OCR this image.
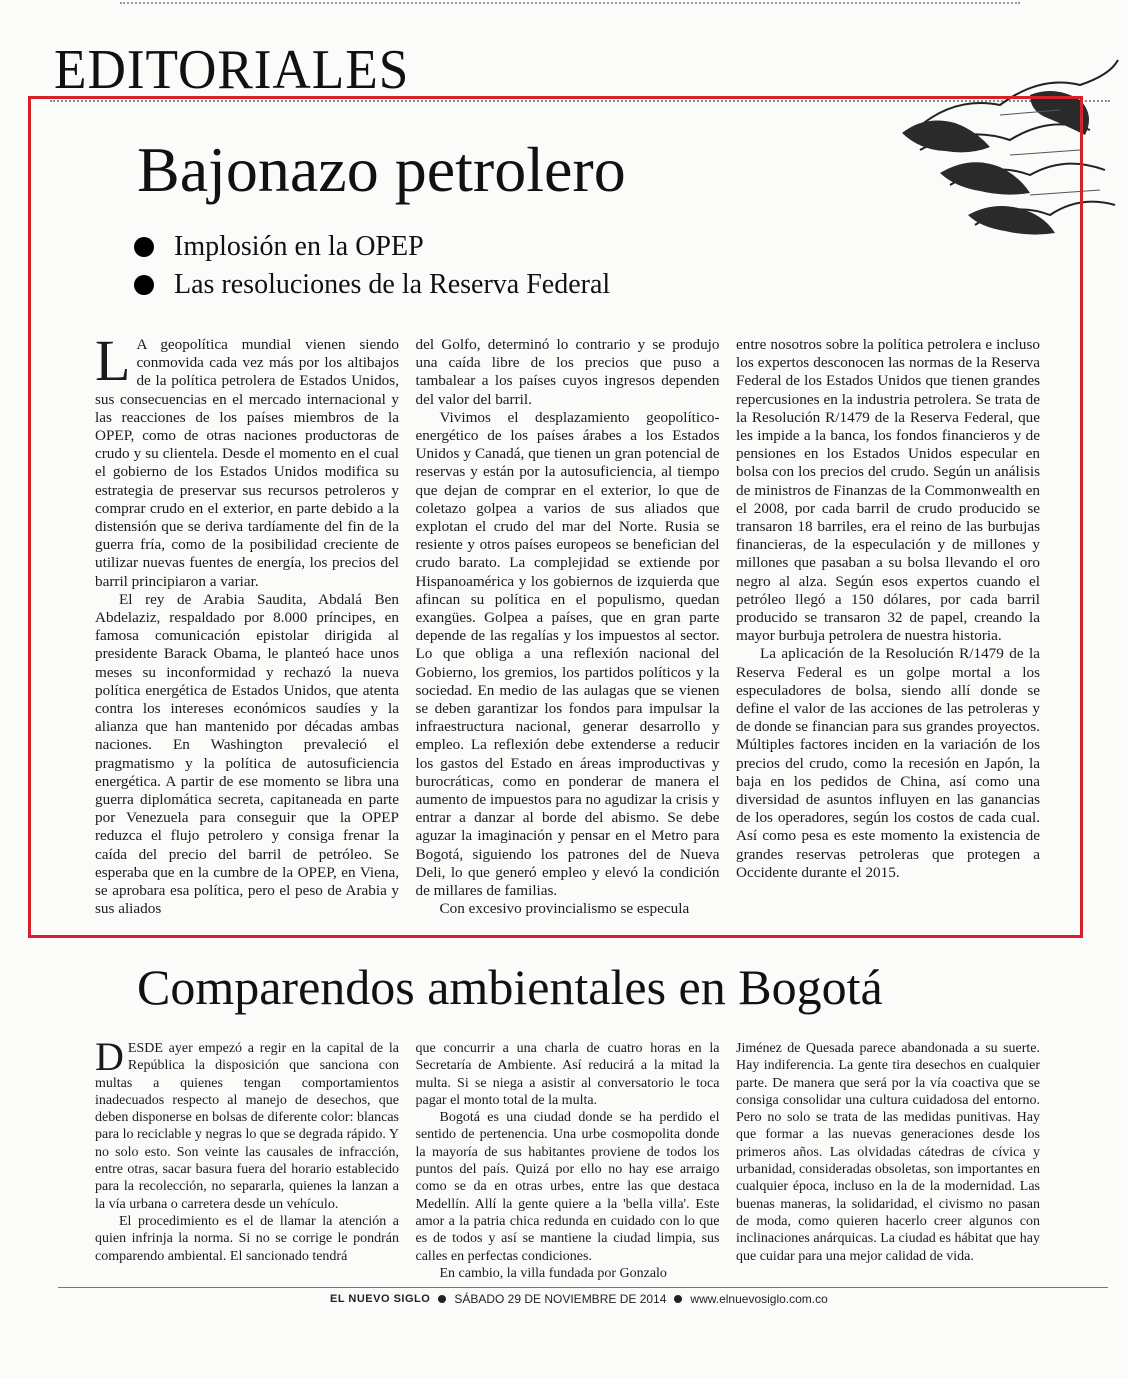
EDITORIALES
Bajonazo petrolero
Implosión en la OPEP
Las resoluciones de la Reserva Federal

L A geopolítica mundial vienen siendo conmovida cada vez más por los altibajos de la política petrolera de Estados Unidos, sus consecuencias en el mercado internacional y las reacciones de los países miembros de la OPEP, como de otras naciones productoras de crudo y su clientela. Desde el momento en el cual el gobierno de los Estados Unidos modifica su estrategia de preservar sus recursos petroleros y comprar crudo en el exterior, en parte debido a la distensión que se deriva tardíamente del fin de la guerra fría, como de la posibilidad creciente de utilizar nuevas fuentes de energía, los precios del barril principiaron a variar.

El rey de Arabia Saudita, Abdalá Ben Abdelaziz, respaldado por 8.000 príncipes, en famosa comunicación epistolar dirigida al presidente Barack Obama, le planteó hace unos meses su inconformidad y rechazó la nueva política energética de Estados Unidos, que atenta contra los intereses económicos saudíes y la alianza que han mantenido por décadas ambas naciones. En Washington prevaleció el pragmatismo y la política de autosuficiencia energética. A partir de ese momento se libra una guerra diplomática secreta, capitaneada en parte por Venezuela para conseguir que la OPEP reduzca el flujo petrolero y consiga frenar la caída del precio del barril de petróleo. Se esperaba que en la cumbre de la OPEP, en Viena, se aprobara esa política, pero el peso de Arabia y sus aliados

del Golfo, determinó lo contrario y se produjo una caída libre de los precios que puso a tambalear a los países cuyos ingresos dependen del valor del barril.

Vivimos el desplazamiento geopolítico-energético de los países árabes a los Estados Unidos y Canadá, que tienen un gran potencial de reservas y están por la autosuficiencia, al tiempo que dejan de comprar en el exterior, lo que de coletazo golpea a varios de sus aliados que explotan el crudo del mar del Norte. Rusia se resiente y otros países europeos se benefician del crudo barato. La complejidad se extiende por Hispanoamérica y los gobiernos de izquierda que afincan su política en el populismo, quedan exangües. Golpea a países, que en gran parte depende de las regalías y los impuestos al sector. Lo que obliga a una reflexión nacional del Gobierno, los gremios, los partidos políticos y la sociedad. En medio de las aulagas que se vienen se deben garantizar los fondos para impulsar la infraestructura nacional, generar desarrollo y empleo. La reflexión debe extenderse a reducir los gastos del Estado en áreas improductivas y burocráticas, como en ponderar de manera el aumento de impuestos para no agudizar la crisis y entrar a danzar al borde del abismo. Se debe aguzar la imaginación y pensar en el Metro para Bogotá, siguiendo los patrones del de Nueva Deli, lo que generó empleo y elevó la condición de millares de familias.

Con excesivo provincialismo se especula

entre nosotros sobre la política petrolera e incluso los expertos desconocen las normas de la Reserva Federal de los Estados Unidos que tienen grandes repercusiones en la industria petrolera. Se trata de la Resolución R/1479 de la Reserva Federal, que les impide a la banca, los fondos financieros y de pensiones en los Estados Unidos especular en bolsa con los precios del crudo. Según un análisis de ministros de Finanzas de la Commonwealth en el 2008, por cada barril de crudo producido se transaron 18 barriles, era el reino de las burbujas financieras, de la especulación y de millones y millones que pasaban a su bolsa llevando el oro negro al alza. Según esos expertos cuando el petróleo llegó a 150 dólares, por cada barril producido se transaron 32 de papel, creando la mayor burbuja petrolera de nuestra historia.

La aplicación de la Resolución R/1479 de la Reserva Federal es un golpe mortal a los especuladores de bolsa, siendo allí donde se define el valor de las acciones de las petroleras y de donde se financian para sus grandes proyectos. Múltiples factores inciden en la variación de los precios del crudo, como la recesión en Japón, la baja en los pedidos de China, así como una diversidad de asuntos influyen en las ganancias de los operadores, según los costos de cada cual. Así como pesa es este momento la existencia de grandes reservas petroleras que protegen a Occidente durante el 2015.

Comparendos ambientales en Bogotá

DESDE ayer empezó a regir en la capital de la República la disposición que sanciona con multas a quienes tengan comportamientos inadecuados respecto al manejo de desechos, que deben disponerse en bolsas de diferente color: blancas para lo reciclable y negras lo que se degrada rápido. Y no solo esto. Son veinte las causales de infracción, entre otras, sacar basura fuera del horario establecido para la recolección, no separarla, quienes la lanzan a la vía urbana o carretera desde un vehículo.

El procedimiento es el de llamar la atención a quien infrinja la norma. Si no se corrige le pondrán comparendo ambiental. El sancionado tendrá

que concurrir a una charla de cuatro horas en la Secretaría de Ambiente. Así reducirá a la mitad la multa. Si se niega a asistir al conversatorio le toca pagar el monto total de la multa.

Bogotá es una ciudad donde se ha perdido el sentido de pertenencia. Una urbe cosmopolita donde la mayoría de sus habitantes proviene de todos los puntos del país. Quizá por ello no hay ese arraigo como se da en otras urbes, entre las que destaca Medellín. Allí la gente quiere a la 'bella villa'. Este amor a la patria chica redunda en cuidado con lo que es de todos y así se mantiene la ciudad limpia, sus calles en perfectas condiciones.

En cambio, la villa fundada por Gonzalo

Jiménez de Quesada parece abandonada a su suerte. Hay indiferencia. La gente tira desechos en cualquier parte. De manera que será por la vía coactiva que se consiga consolidar una cultura cuidadosa del entorno. Pero no solo se trata de las medidas punitivas. Hay que formar a las nuevas generaciones desde los primeros años. Las olvidadas cátedras de cívica y urbanidad, consideradas obsoletas, son importantes en cualquier época, incluso en la de la modernidad. Las buenas maneras, la solidaridad, el civismo no pasan de moda, como quieren hacerlo creer algunos con inclinaciones anárquicas. La ciudad es hábitat que hay que cuidar para una mejor calidad de vida.

EL NUEVO SIGLO SÁBADO 29 DE NOVIEMBRE DE 2014 www.elnuevosiglo.com.co
